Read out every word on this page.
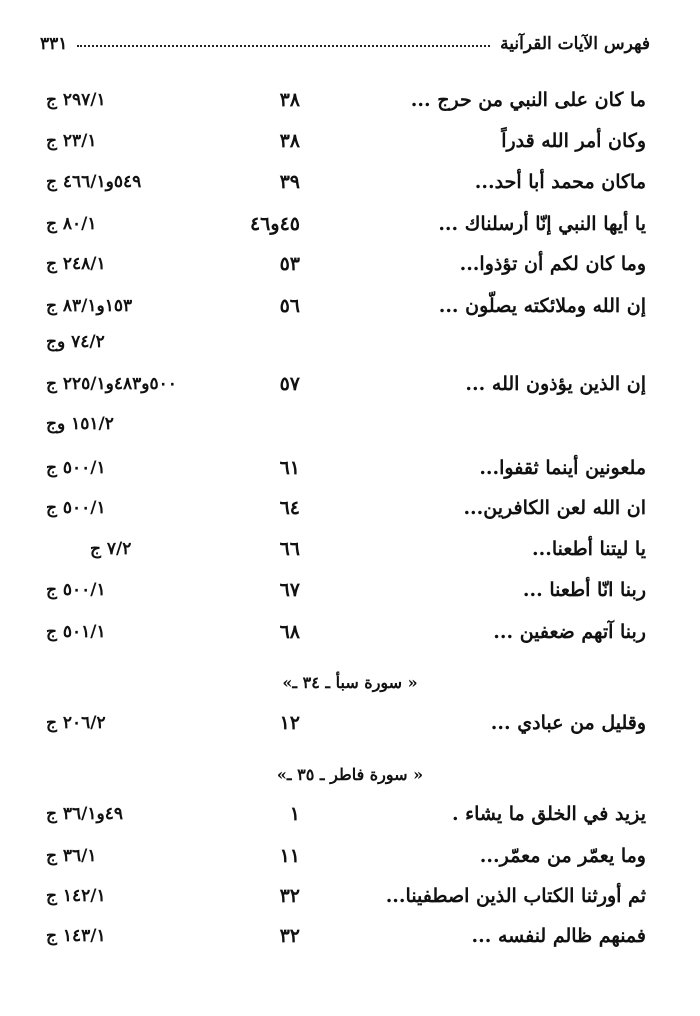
فهرس الآيات القرآنية
٣٣١
ما كان على النبي من حرج ...
٣٨
٢٩٧/١ ج
وكان أمر الله قدراً
٣٨
٢٣/١ ج
ماكان محمد أبا أحد...
٣٩
٥٤٩و٤٦٦/١ ج
يا أيها النبي إنّا أرسلناك ...
٤٥و٤٦
٨٠/١ ج
وما كان لكم أن تؤذوا...
٥٣
٢٤٨/١ ج
إن الله وملائكته يصلّون ...
٥٦
١٥٣و٨٣/١ ج
٧٤/٢ وج
إن الذين يؤذون الله ...
٥٧
٥٠٠و٤٨٣و٢٢٥/١ ج
١٥١/٢ وج
ملعونين أينما ثقفوا...
٦١
٥٠٠/١ ج
ان الله لعن الكافرين...
٦٤
٥٠٠/١ ج
يا ليتنا أطعنا...
٦٦
٧/٢ ج
ربنا انّا أطعنا ...
٦٧
٥٠٠/١ ج
ربنا آتهم ضعفين ...
٦٨
٥٠١/١ ج
« سورة سبأ ـ ٣٤ ـ»
وقليل من عبادي ...
١٢
٢٠٦/٢ ج
« سورة فاطر ـ ٣٥ ـ»
يزيد في الخلق ما يشاء .
١
٤٩و٣٦/١ ج
وما يعمّر من معمّر...
١١
٣٦/١ ج
ثم أورثنا الكتاب الذين اصطفينا...
٣٢
١٤٢/١ ج
فمنهم ظالم لنفسه ...
٣٢
١٤٣/١ ج
